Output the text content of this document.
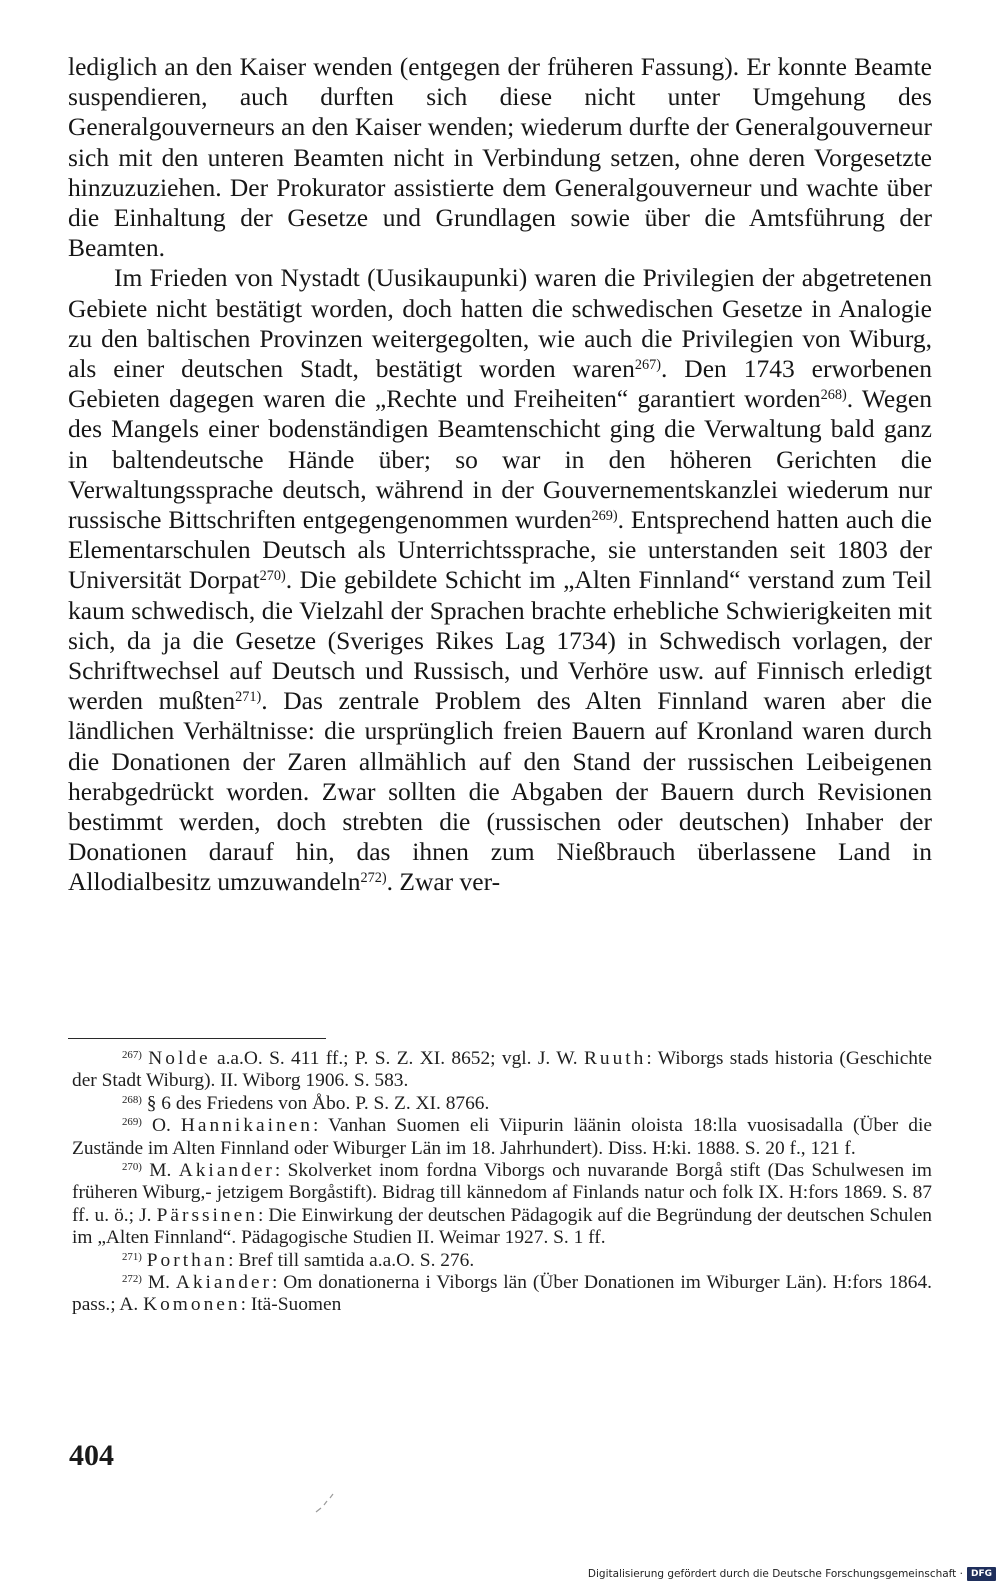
lediglich an den Kaiser wenden (entgegen der früheren Fassung). Er konnte Beamte suspendieren, auch durften sich diese nicht unter Umgehung des Generalgouverneurs an den Kaiser wenden; wiederum durfte der Generalgouverneur sich mit den unteren Beamten nicht in Verbindung setzen, ohne deren Vorgesetzte hinzuzuziehen. Der Prokurator assistierte dem Generalgouverneur und wachte über die Einhaltung der Gesetze und Grundlagen sowie über die Amtsführung der Beamten.

Im Frieden von Nystadt (Uusikaupunki) waren die Privilegien der abgetretenen Gebiete nicht bestätigt worden, doch hatten die schwedischen Gesetze in Analogie zu den baltischen Provinzen weitergegolten, wie auch die Privilegien von Wiburg, als einer deutschen Stadt, bestätigt worden waren$^{267)}$. Den 1743 erworbenen Gebieten dagegen waren die „Rechte und Freiheiten“ garantiert worden$^{268)}$. Wegen des Mangels einer bodenständigen Beamtenschicht ging die Verwaltung bald ganz in baltendeutsche Hände über; so war in den höheren Gerichten die Verwaltungssprache deutsch, während in der Gouvernementskanzlei wiederum nur russische Bittschriften entgegengenommen wurden$^{269)}$. Entsprechend hatten auch die Elementarschulen Deutsch als Unterrichtssprache, sie unterstanden seit 1803 der Universität Dorpat$^{270)}$. Die gebildete Schicht im „Alten Finnland“ verstand zum Teil kaum schwedisch, die Vielzahl der Sprachen brachte erhebliche Schwierigkeiten mit sich, da ja die Gesetze (Sveriges Rikes Lag 1734) in Schwedisch vorlagen, der Schriftwechsel auf Deutsch und Russisch, und Verhöre usw. auf Finnisch erledigt werden mußten$^{271)}$. Das zentrale Problem des Alten Finnland waren aber die ländlichen Verhältnisse: die ursprünglich freien Bauern auf Kronland waren durch die Donationen der Zaren allmählich auf den Stand der russischen Leibeigenen herabgedrückt worden. Zwar sollten die Abgaben der Bauern durch Revisionen bestimmt werden, doch strebten die (russischen oder deutschen) Inhaber der Donationen darauf hin, das ihnen zum Nießbrauch überlassene Land in Allodialbesitz umzuwandeln$^{272)}$. Zwar ver-

$^{267)}$ Nolde a.a.O. S. 411 ff.; P. S. Z. XI. 8652; vgl. J. W. Ruuth: Wiborgs stads historia (Geschichte der Stadt Wiburg). II. Wiborg 1906. S. 583.

$^{268)}$ § 6 des Friedens von Åbo. P. S. Z. XI. 8766.

$^{269)}$ O. Hannikainen: Vanhan Suomen eli Viipurin läänin oloista 18:lla vuosisadalla (Über die Zustände im Alten Finnland oder Wiburger Län im 18. Jahrhundert). Diss. H:ki. 1888. S. 20 f., 121 f.

$^{270)}$ M. Akiander: Skolverket inom fordna Viborgs och nuvarande Borgå stift (Das Schulwesen im früheren Wiburg,- jetzigem Borgåstift). Bidrag till kännedom af Finlands natur och folk IX. H:fors 1869. S. 87 ff. u. ö.; J. Pärssinen: Die Einwirkung der deutschen Pädagogik auf die Begründung der deutschen Schulen im „Alten Finnland“. Pädagogische Studien II. Weimar 1927. S. 1 ff.

$^{271)}$ Porthan: Bref till samtida a.a.O. S. 276.

$^{272)}$ M. Akiander: Om donationerna i Viborgs län (Über Donationen im Wiburger Län). H:fors 1864. pass.; A. Komonen: Itä-Suomen

404
Digitalisierung gefördert durch die Deutsche Forschungsgemeinschaft · DFG
